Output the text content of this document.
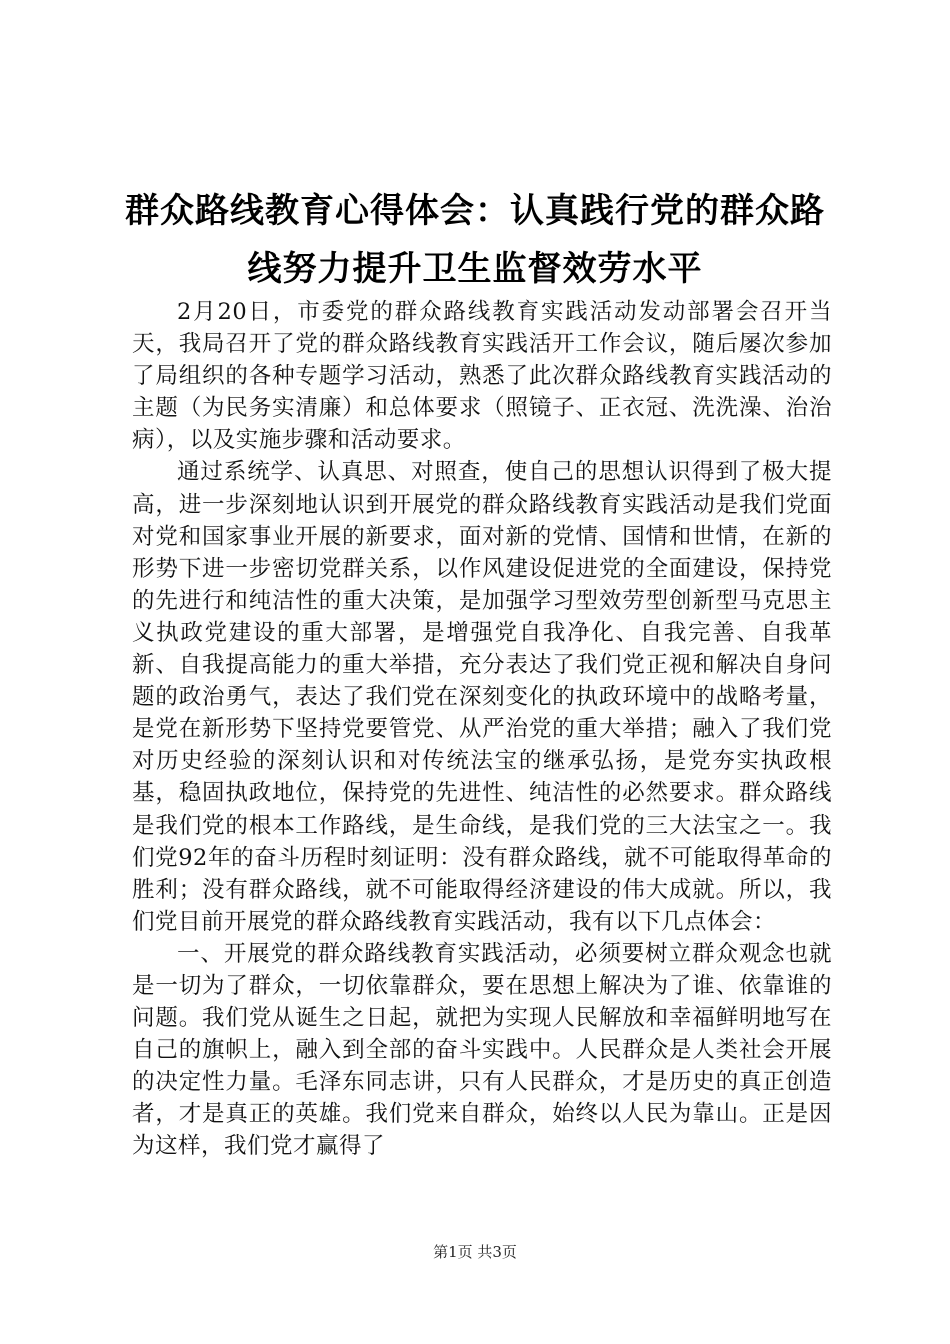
群众路线教育心得体会：认真践行党的群众路线努力提升卫生监督效劳水平

2月20日，市委党的群众路线教育实践活动发动部署会召开当天，我局召开了党的群众路线教育实践活开工作会议，随后屡次参加了局组织的各种专题学习活动，熟悉了此次群众路线教育实践活动的主题（为民务实清廉）和总体要求（照镜子、正衣冠、洗洗澡、治治病），以及实施步骤和活动要求。

通过系统学、认真思、对照查，使自己的思想认识得到了极大提高，进一步深刻地认识到开展党的群众路线教育实践活动是我们党面对党和国家事业开展的新要求，面对新的党情、国情和世情，在新的形势下进一步密切党群关系，以作风建设促进党的全面建设，保持党的先进行和纯洁性的重大决策，是加强学习型效劳型创新型马克思主义执政党建设的重大部署，是增强党自我净化、自我完善、自我革新、自我提高能力的重大举措，充分表达了我们党正视和解决自身问题的政治勇气，表达了我们党在深刻变化的执政环境中的战略考量，是党在新形势下坚持党要管党、从严治党的重大举措；融入了我们党对历史经验的深刻认识和对传统法宝的继承弘扬，是党夯实执政根基，稳固执政地位，保持党的先进性、纯洁性的必然要求。群众路线是我们党的根本工作路线，是生命线，是我们党的三大法宝之一。我们党92年的奋斗历程时刻证明：没有群众路线，就不可能取得革命的胜利；没有群众路线，就不可能取得经济建设的伟大成就。所以，我们党目前开展党的群众路线教育实践活动，我有以下几点体会：

一、开展党的群众路线教育实践活动，必须要树立群众观念也就是一切为了群众，一切依靠群众，要在思想上解决为了谁、依靠谁的问题。我们党从诞生之日起，就把为实现人民解放和幸福鲜明地写在自己的旗帜上，融入到全部的奋斗实践中。人民群众是人类社会开展的决定性力量。毛泽东同志讲，只有人民群众，才是历史的真正创造者，才是真正的英雄。我们党来自群众，始终以人民为靠山。正是因为这样，我们党才赢得了

第1页 共3页
